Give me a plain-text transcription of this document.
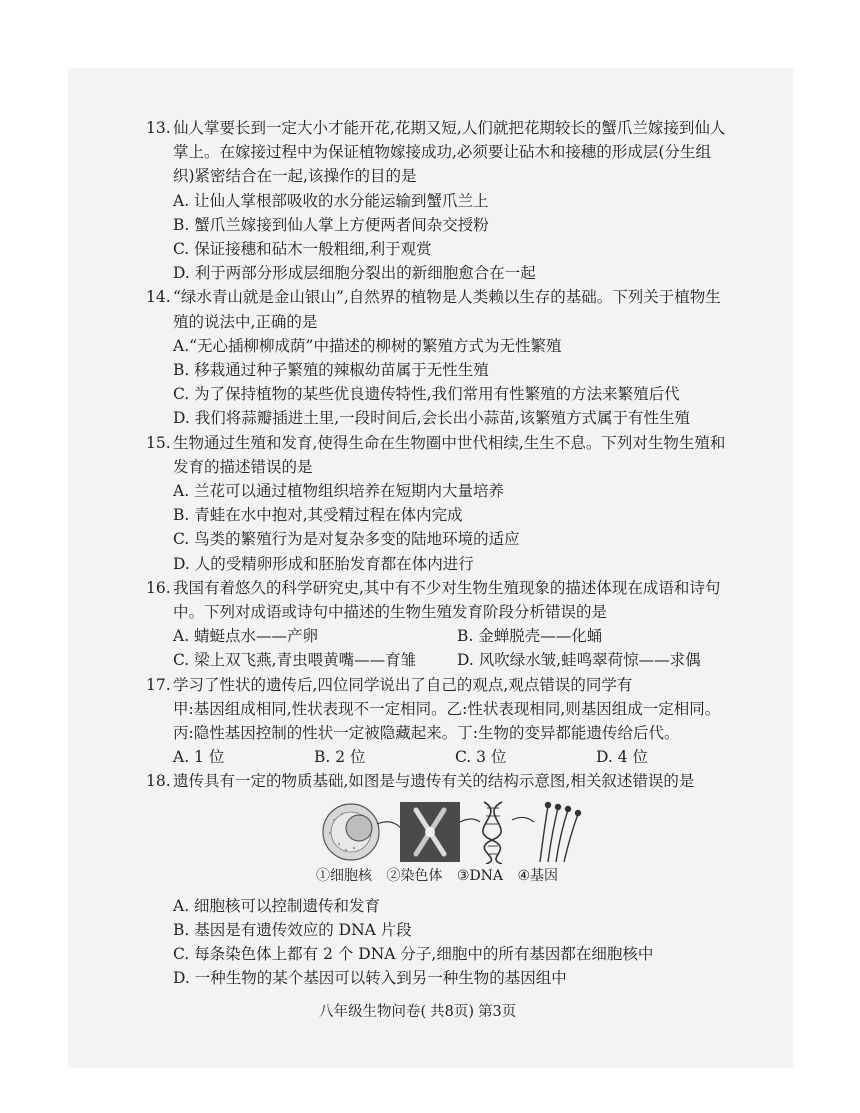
13. 仙人掌要长到一定大小才能开花,花期又短,人们就把花期较长的蟹爪兰嫁接到仙人
掌上。在嫁接过程中为保证植物嫁接成功,必须要让砧木和接穗的形成层(分生组
织)紧密结合在一起,该操作的目的是
A. 让仙人掌根部吸收的水分能运输到蟹爪兰上
B. 蟹爪兰嫁接到仙人掌上方便两者间杂交授粉
C. 保证接穗和砧木一般粗细,利于观赏
D. 利于两部分形成层细胞分裂出的新细胞愈合在一起
14. “绿水青山就是金山银山”,自然界的植物是人类赖以生存的基础。下列关于植物生
殖的说法中,正确的是
A.“无心插柳柳成荫”中描述的柳树的繁殖方式为无性繁殖
B. 移栽通过种子繁殖的辣椒幼苗属于无性生殖
C. 为了保持植物的某些优良遗传特性,我们常用有性繁殖的方法来繁殖后代
D. 我们将蒜瓣插进土里,一段时间后,会长出小蒜苗,该繁殖方式属于有性生殖
15. 生物通过生殖和发育,使得生命在生物圈中世代相续,生生不息。下列对生物生殖和
发育的描述错误的是
A. 兰花可以通过植物组织培养在短期内大量培养
B. 青蛙在水中抱对,其受精过程在体内完成
C. 鸟类的繁殖行为是对复杂多变的陆地环境的适应
D. 人的受精卵形成和胚胎发育都在体内进行
16. 我国有着悠久的科学研究史,其中有不少对生物生殖现象的描述体现在成语和诗句
中。下列对成语或诗句中描述的生物生殖发育阶段分析错误的是
A. 蜻蜓点水——产卵	B. 金蝉脱壳——化蛹
C. 梁上双飞燕,青虫喂黄嘴——育雏	D. 风吹绿水皱,蛙鸣翠荷惊——求偶
17. 学习了性状的遗传后,四位同学说出了自己的观点,观点错误的同学有
甲:基因组成相同,性状表现不一定相同。乙:性状表现相同,则基因组成一定相同。
丙:隐性基因控制的性状一定被隐藏起来。丁:生物的变异都能遗传给后代。
A. 1 位	B. 2 位	C. 3 位	D. 4 位
18. 遗传具有一定的物质基础,如图是与遗传有关的结构示意图,相关叙述错误的是
①细胞核 ②染色体 ③DNA ④基因
A. 细胞核可以控制遗传和发育
B. 基因是有遗传效应的 DNA 片段
C. 每条染色体上都有 2 个 DNA 分子,细胞中的所有基因都在细胞核中
D. 一种生物的某个基因可以转入到另一种生物的基因组中
八年级生物问卷( 共8页) 第3页
